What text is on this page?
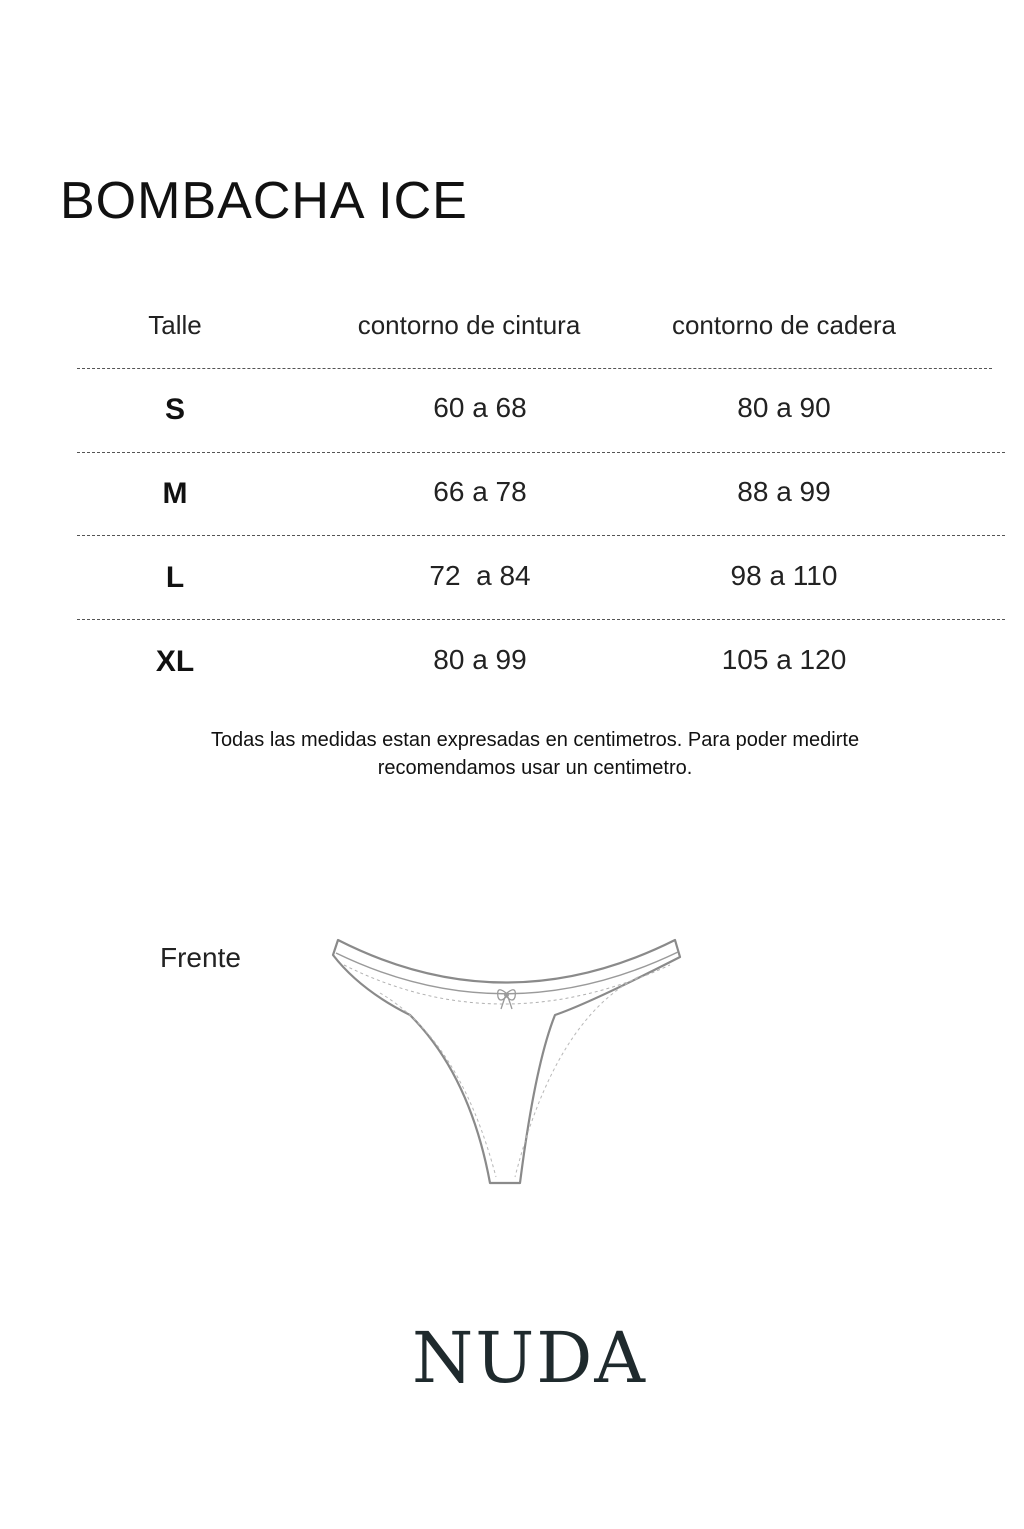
BOMBACHA ICE
Talle	contorno de cintura	contorno de cadera
S	60 a 68	80 a 90
M	66 a 78	88 a 99
L	72  a 84	98 a 110
XL	80 a 99	105 a 120
Todas las medidas estan expresadas en centimetros. Para poder medirte
recomendamos usar un centimetro.
Frente
NUDA
